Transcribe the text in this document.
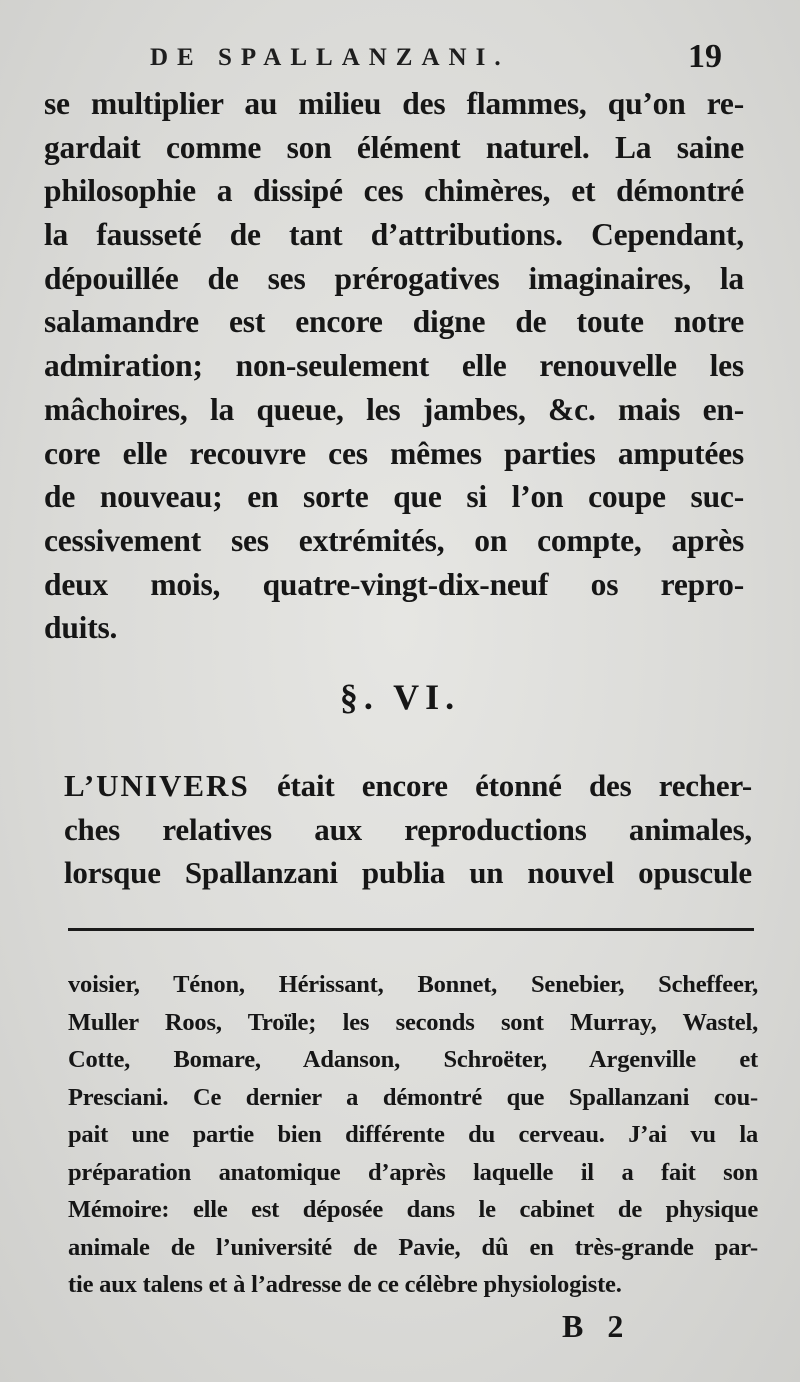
DE SPALLANZANI.	19
se multiplier au milieu des flammes, qu’on re-
gardait comme son élément naturel. La saine
philosophie a dissipé ces chimères, et démontré
la fausseté de tant d’attributions. Cependant,
dépouillée de ses prérogatives imaginaires, la
salamandre est encore digne de toute notre
admiration; non-seulement elle renouvelle les
mâchoires, la queue, les jambes, &c. mais en-
core elle recouvre ces mêmes parties amputées
de nouveau; en sorte que si l’on coupe suc-
cessivement ses extrémités, on compte, après
deux mois, quatre-vingt-dix-neuf os repro-
duits.
§. VI.
L’UNIVERS était encore étonné des recher-
ches relatives aux reproductions animales,
lorsque Spallanzani publia un nouvel opuscule
voisier, Ténon, Hérissant, Bonnet, Senebier, Scheffeer,
Muller Roos, Troïle; les seconds sont Murray, Wastel,
Cotte, Bomare, Adanson, Schroëter, Argenville et
Presciani. Ce dernier a démontré que Spallanzani cou-
pait une partie bien différente du cerveau. J’ai vu la
préparation anatomique d’après laquelle il a fait son
Mémoire: elle est déposée dans le cabinet de physique
animale de l’université de Pavie, dû en très-grande par-
tie aux talens et à l’adresse de ce célèbre physiologiste.
B 2
